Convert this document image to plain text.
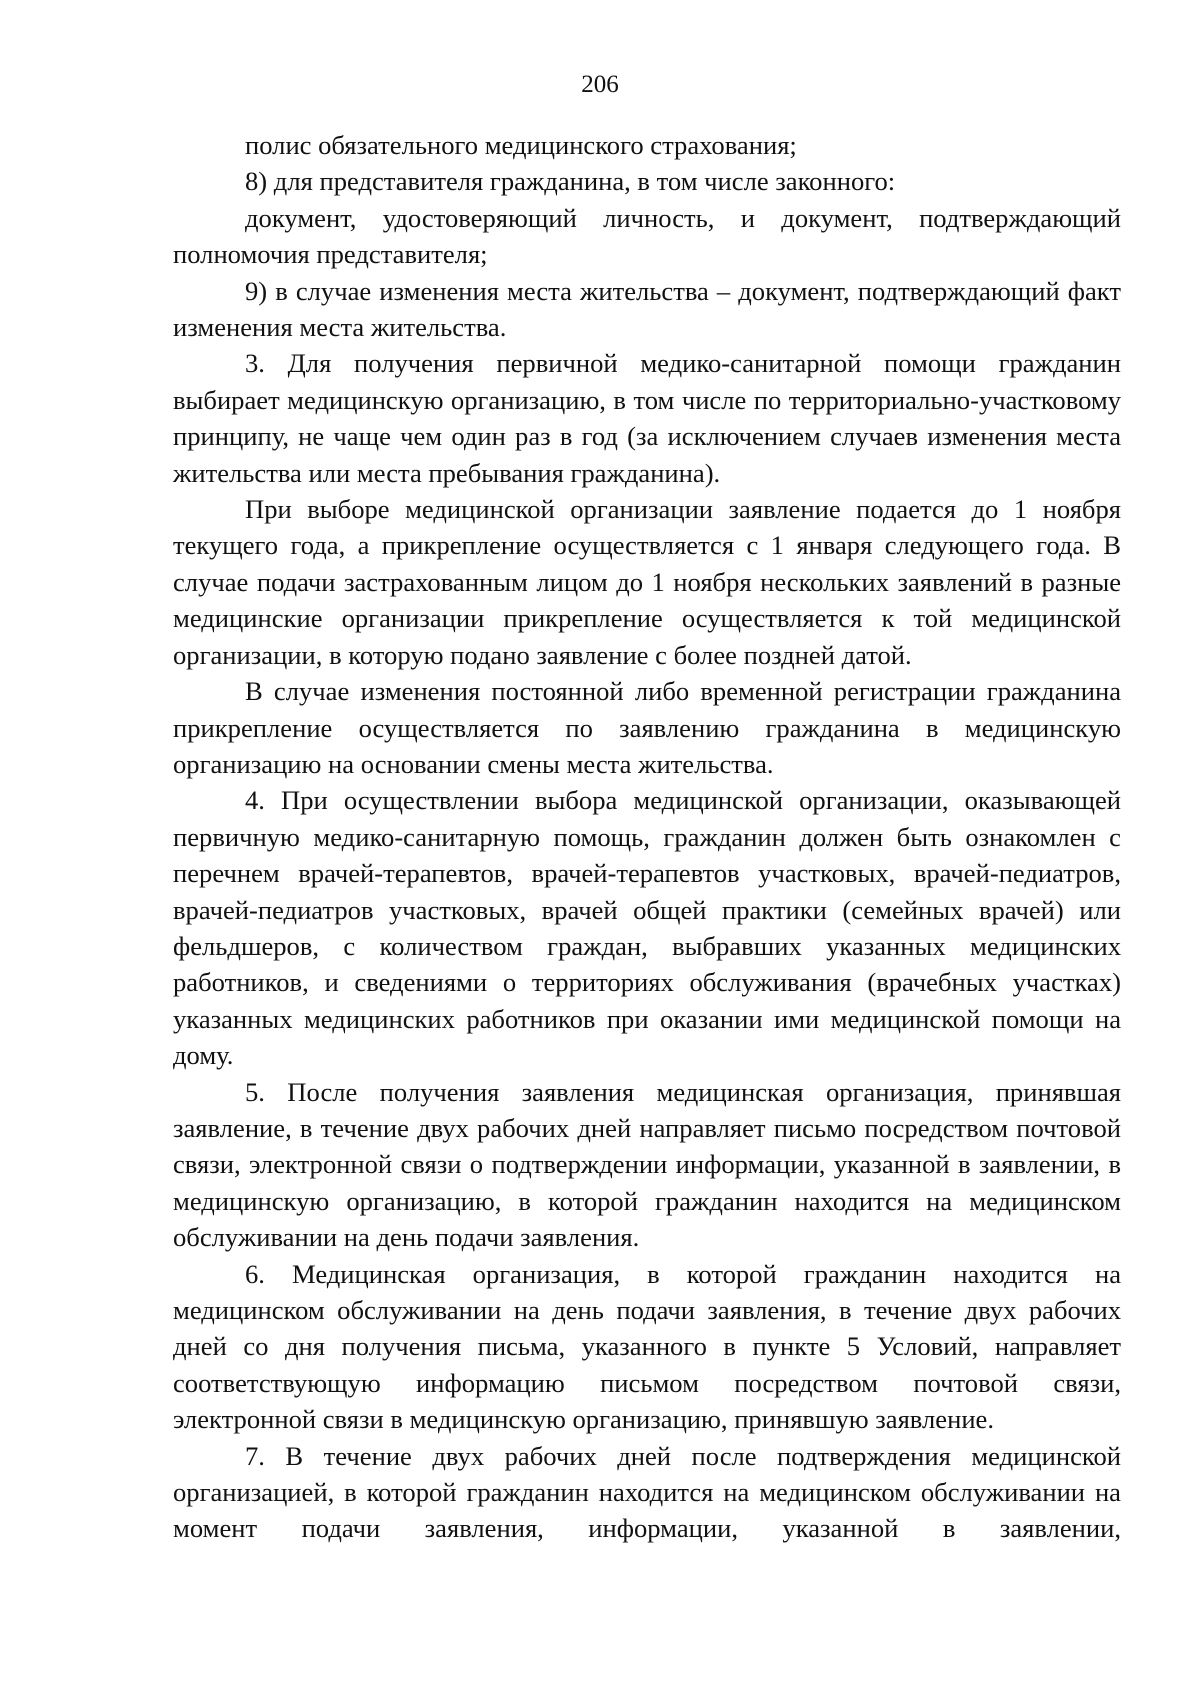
206

полис обязательного медицинского страхования;

8) для представителя гражданина, в том числе законного:

документ, удостоверяющий личность, и документ, подтверждающий полномочия представителя;

9) в случае изменения места жительства – документ, подтверждающий факт изменения места жительства.

3. Для получения первичной медико-санитарной помощи гражданин выбирает медицинскую организацию, в том числе по территориально-участковому принципу, не чаще чем один раз в год (за исключением случаев изменения места жительства или места пребывания гражданина).

При выборе медицинской организации заявление подается до 1 ноября текущего года, а прикрепление осуществляется с 1 января следующего года. В случае подачи застрахованным лицом до 1 ноября нескольких заявлений в разные медицинские организации прикрепление осуществляется к той медицинской организации, в которую подано заявление с более поздней датой.

В случае изменения постоянной либо временной регистрации гражданина прикрепление осуществляется по заявлению гражданина в медицинскую организацию на основании смены места жительства.

4. При осуществлении выбора медицинской организации, оказывающей первичную медико-санитарную помощь, гражданин должен быть ознакомлен с перечнем врачей-терапевтов, врачей-терапевтов участковых, врачей-педиатров, врачей-педиатров участковых, врачей общей практики (семейных врачей) или фельдшеров, с количеством граждан, выбравших указанных медицинских работников, и сведениями о территориях обслуживания (врачебных участках) указанных медицинских работников при оказании ими медицинской помощи на дому.

5. После получения заявления медицинская организация, принявшая заявление, в течение двух рабочих дней направляет письмо посредством почтовой связи, электронной связи о подтверждении информации, указанной в заявлении, в медицинскую организацию, в которой гражданин находится на медицинском обслуживании на день подачи заявления.

6. Медицинская организация, в которой гражданин находится на медицинском обслуживании на день подачи заявления, в течение двух рабочих дней со дня получения письма, указанного в пункте 5 Условий, направляет соответствующую информацию письмом посредством почтовой связи, электронной связи в медицинскую организацию, принявшую заявление.

7. В течение двух рабочих дней после подтверждения медицинской организацией, в которой гражданин находится на медицинском обслуживании на момент подачи заявления, информации, указанной в заявлении,
